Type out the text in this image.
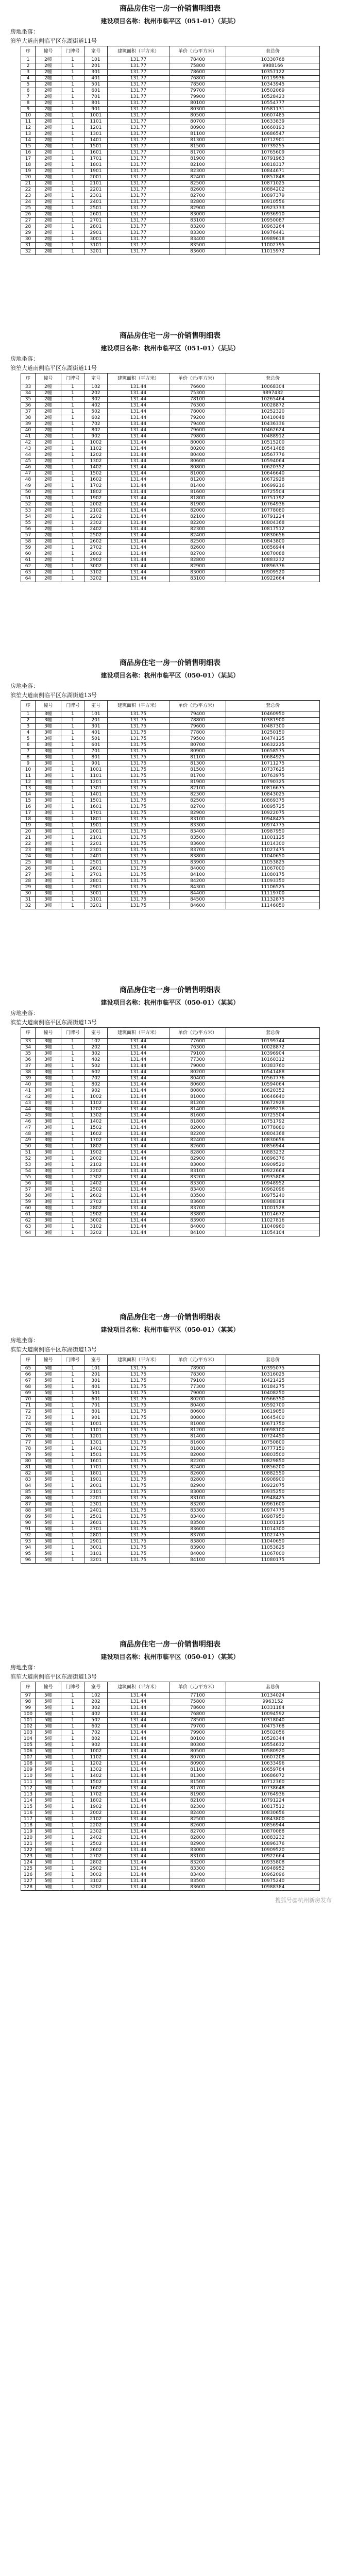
商品房住宅一房一价销售明细表
建设项目名称：杭州市临平区（051-01）（某某）
房地坐落：
滨笙大道南侧临平区东湖街道11号
序	幢号	门牌号	室号	建筑面积（平方米）	单价（元/平方米）	套总价
1	2幢	1	101	131.77	78400	10330768
2	2幢	1	201	131.77	75800	9988166
3	2幢	1	301	131.77	78600	10357122
4	2幢	1	401	131.77	76800	10119936
5	2幢	1	501	131.77	78500	10343945
6	2幢	1	601	131.77	79700	10502069
7	2幢	1	701	131.77	79900	10528423
8	2幢	1	801	131.77	80100	10554777
9	2幢	1	901	131.77	80300	10581131
10	2幢	1	1001	131.77	80500	10607485
11	2幢	1	1101	131.77	80700	10633839
12	2幢	1	1201	131.77	80900	10660193
13	2幢	1	1301	131.77	81100	10686547
14	2幢	1	1401	131.77	81300	10712901
15	2幢	1	1501	131.77	81500	10739255
16	2幢	1	1601	131.77	81700	10765609
17	2幢	1	1701	131.77	81900	10791963
18	2幢	1	1801	131.77	82100	10818317
19	2幢	1	1901	131.77	82300	10844671
20	2幢	1	2001	131.77	82400	10857848
21	2幢	1	2101	131.77	82500	10871025
22	2幢	1	2201	131.77	82600	10884202
23	2幢	1	2301	131.77	82700	10897379
24	2幢	1	2401	131.77	82800	10910556
25	2幢	1	2501	131.77	82900	10923733
26	2幢	1	2601	131.77	83000	10936910
27	2幢	1	2701	131.77	83100	10950087
28	2幢	1	2801	131.77	83200	10963264
29	2幢	1	2901	131.77	83300	10976441
30	2幢	1	3001	131.77	83400	10989618
31	2幢	1	3101	131.77	83500	11002795
32	2幢	1	3201	131.77	83600	11015972
商品房住宅一房一价销售明细表
建设项目名称：杭州市临平区（051-01）（某某）
房地坐落：
滨笙大道南侧临平区东湖街道11号
序	幢号	门牌号	室号	建筑面积（平方米）	单价（元/平方米）	套总价
33	2幢	1	102	131.44	76600	10068304
34	2幢	1	202	131.44	75300	9897432
35	2幢	1	302	131.44	78100	10265464
36	2幢	1	402	131.44	76300	10028872
37	2幢	1	502	131.44	78000	10252320
38	2幢	1	602	131.44	79200	10410048
39	2幢	1	702	131.44	79400	10436336
40	2幢	1	802	131.44	79600	10462624
41	2幢	1	902	131.44	79800	10488912
42	2幢	1	1002	131.44	80000	10515200
43	2幢	1	1102	131.44	80200	10541488
44	2幢	1	1202	131.44	80400	10567776
45	2幢	1	1302	131.44	80600	10594064
46	2幢	1	1402	131.44	80800	10620352
47	2幢	1	1502	131.44	81000	10646640
48	2幢	1	1602	131.44	81200	10672928
49	2幢	1	1702	131.44	81400	10699216
50	2幢	1	1802	131.44	81600	10725504
51	2幢	1	1902	131.44	81800	10751792
52	2幢	1	2002	131.44	81900	10764936
53	2幢	1	2102	131.44	82000	10778080
54	2幢	1	2202	131.44	82100	10791224
55	2幢	1	2302	131.44	82200	10804368
56	2幢	1	2402	131.44	82300	10817512
57	2幢	1	2502	131.44	82400	10830656
58	2幢	1	2602	131.44	82500	10843800
59	2幢	1	2702	131.44	82600	10856944
60	2幢	1	2802	131.44	82700	10870088
61	2幢	1	2902	131.44	82800	10883232
62	2幢	1	3002	131.44	82900	10896376
63	2幢	1	3102	131.44	83000	10909520
64	2幢	1	3202	131.44	83100	10922664
商品房住宅一房一价销售明细表
建设项目名称：杭州市临平区（050-01）（某某）
房地坐落：
滨笙大道南侧临平区东湖街道13号
序	幢号	门牌号	室号	建筑面积（平方米）	单价（元/平方米）	套总价
1	3幢	1	101	131.75	79400	10460950
2	3幢	1	201	131.75	78800	10381900
3	3幢	1	301	131.75	79600	10487300
4	3幢	1	401	131.75	77800	10250150
5	3幢	1	501	131.75	79500	10474125
6	3幢	1	601	131.75	80700	10632225
7	3幢	1	701	131.75	80900	10658575
8	3幢	1	801	131.75	81100	10684925
9	3幢	1	901	131.75	81300	10711275
10	3幢	1	1001	131.75	81500	10737625
11	3幢	1	1101	131.75	81700	10763975
12	3幢	1	1201	131.75	81900	10790325
13	3幢	1	1301	131.75	82100	10816675
14	3幢	1	1401	131.75	82300	10843025
15	3幢	1	1501	131.75	82500	10869375
16	3幢	1	1601	131.75	82700	10895725
17	3幢	1	1701	131.75	82900	10922075
18	3幢	1	1801	131.75	83100	10948425
19	3幢	1	1901	131.75	83300	10974775
20	3幢	1	2001	131.75	83400	10987950
21	3幢	1	2101	131.75	83500	11001125
22	3幢	1	2201	131.75	83600	11014300
23	3幢	1	2301	131.75	83700	11027475
24	3幢	1	2401	131.75	83800	11040650
25	3幢	1	2501	131.75	83900	11053825
26	3幢	1	2601	131.75	84000	11067000
27	3幢	1	2701	131.75	84100	11080175
28	3幢	1	2801	131.75	84200	11093350
29	3幢	1	2901	131.75	84300	11106525
30	3幢	1	3001	131.75	84400	11119700
31	3幢	1	3101	131.75	84500	11132875
32	3幢	1	3201	131.75	84600	11146050
商品房住宅一房一价销售明细表
建设项目名称：杭州市临平区（050-01）（某某）
房地坐落：
滨笙大道南侧临平区东湖街道13号
序	幢号	门牌号	室号	建筑面积（平方米）	单价（元/平方米）	套总价
33	3幢	1	102	131.44	77600	10199744
34	3幢	1	202	131.44	76300	10028872
35	3幢	1	302	131.44	79100	10396904
36	3幢	1	402	131.44	77300	10160312
37	3幢	1	502	131.44	79000	10383760
38	3幢	1	602	131.44	80200	10541488
39	3幢	1	702	131.44	80400	10567776
40	3幢	1	802	131.44	80600	10594064
41	3幢	1	902	131.44	80800	10620352
42	3幢	1	1002	131.44	81000	10646640
43	3幢	1	1102	131.44	81200	10672928
44	3幢	1	1202	131.44	81400	10699216
45	3幢	1	1302	131.44	81600	10725504
46	3幢	1	1402	131.44	81800	10751792
47	3幢	1	1502	131.44	82000	10778080
48	3幢	1	1602	131.44	82200	10804368
49	3幢	1	1702	131.44	82400	10830656
50	3幢	1	1802	131.44	82600	10856944
51	3幢	1	1902	131.44	82800	10883232
52	3幢	1	2002	131.44	82900	10896376
53	3幢	1	2102	131.44	83000	10909520
54	3幢	1	2202	131.44	83100	10922664
55	3幢	1	2302	131.44	83200	10935808
56	3幢	1	2402	131.44	83300	10948952
57	3幢	1	2502	131.44	83400	10962096
58	3幢	1	2602	131.44	83500	10975240
59	3幢	1	2702	131.44	83600	10988384
60	3幢	1	2802	131.44	83700	11001528
61	3幢	1	2902	131.44	83800	11014672
62	3幢	1	3002	131.44	83900	11027816
63	3幢	1	3102	131.44	84000	11040960
64	3幢	1	3202	131.44	84100	11054104
商品房住宅一房一价销售明细表
建设项目名称：杭州市临平区（050-01）（某某）
房地坐落：
滨笙大道南侧临平区东湖街道13号
序	幢号	门牌号	室号	建筑面积（平方米）	单价（元/平方米）	套总价
65	5幢	1	101	131.75	78900	10395075
66	5幢	1	201	131.75	78300	10316025
67	5幢	1	301	131.75	79100	10421425
68	5幢	1	401	131.75	77300	10184275
69	5幢	1	501	131.75	79000	10408250
70	5幢	1	601	131.75	80200	10566350
71	5幢	1	701	131.75	80400	10592700
72	5幢	1	801	131.75	80600	10619050
73	5幢	1	901	131.75	80800	10645400
74	5幢	1	1001	131.75	81000	10671750
75	5幢	1	1101	131.75	81200	10698100
76	5幢	1	1201	131.75	81400	10724450
77	5幢	1	1301	131.75	81600	10750800
78	5幢	1	1401	131.75	81800	10777150
79	5幢	1	1501	131.75	82000	10803500
80	5幢	1	1601	131.75	82200	10829850
81	5幢	1	1701	131.75	82400	10856200
82	5幢	1	1801	131.75	82600	10882550
83	5幢	1	1901	131.75	82800	10908900
84	5幢	1	2001	131.75	82900	10922075
85	5幢	1	2101	131.75	83000	10935250
86	5幢	1	2201	131.75	83100	10948425
87	5幢	1	2301	131.75	83200	10961600
88	5幢	1	2401	131.75	83300	10974775
89	5幢	1	2501	131.75	83400	10987950
90	5幢	1	2601	131.75	83500	11001125
91	5幢	1	2701	131.75	83600	11014300
92	5幢	1	2801	131.75	83700	11027475
93	5幢	1	2901	131.75	83800	11040650
94	5幢	1	3001	131.75	83900	11053825
95	5幢	1	3101	131.75	84000	11067000
96	5幢	1	3201	131.75	84100	11080175
商品房住宅一房一价销售明细表
建设项目名称：杭州市临平区（050-01）（某某）
房地坐落：
滨笙大道南侧临平区东湖街道13号
序	幢号	门牌号	室号	建筑面积（平方米）	单价（元/平方米）	套总价
97	5幢	1	102	131.44	77100	10134024
98	5幢	1	202	131.44	75800	9963152
99	5幢	1	302	131.44	78600	10331184
100	5幢	1	402	131.44	76800	10094592
101	5幢	1	502	131.44	78500	10318040
102	5幢	1	602	131.44	79700	10475768
103	5幢	1	702	131.44	79900	10502056
104	5幢	1	802	131.44	80100	10528344
105	5幢	1	902	131.44	80300	10554632
106	5幢	1	1002	131.44	80500	10580920
107	5幢	1	1102	131.44	80700	10607208
108	5幢	1	1202	131.44	80900	10633496
109	5幢	1	1302	131.44	81100	10659784
110	5幢	1	1402	131.44	81300	10686072
111	5幢	1	1502	131.44	81500	10712360
112	5幢	1	1602	131.44	81700	10738648
113	5幢	1	1702	131.44	81900	10764936
114	5幢	1	1802	131.44	82100	10791224
115	5幢	1	1902	131.44	82300	10817512
116	5幢	1	2002	131.44	82400	10830656
117	5幢	1	2102	131.44	82500	10843800
118	5幢	1	2202	131.44	82600	10856944
119	5幢	1	2302	131.44	82700	10870088
120	5幢	1	2402	131.44	82800	10883232
121	5幢	1	2502	131.44	82900	10896376
122	5幢	1	2602	131.44	83000	10909520
123	5幢	1	2702	131.44	83100	10922664
124	5幢	1	2802	131.44	83200	10935808
125	5幢	1	2902	131.44	83300	10948952
126	5幢	1	3002	131.44	83400	10962096
127	5幢	1	3102	131.44	83500	10975240
128	5幢	1	3202	131.44	83600	10988384
搜狐号@杭州新房发布
